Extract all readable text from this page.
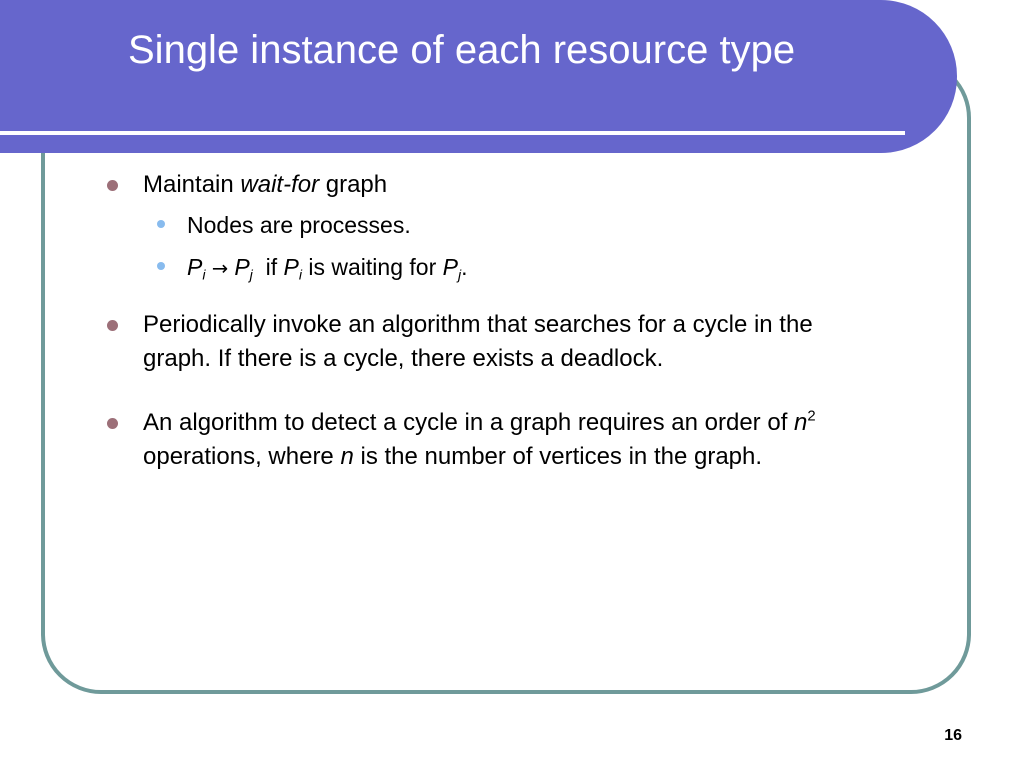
Single instance of each resource type
Maintain wait-for graph
Nodes are processes.
$P_i \to P_j$  if $P_i$ is waiting for $P_j$.
Periodically invoke an algorithm that searches for a cycle in the graph. If there is a cycle, there exists a deadlock.
An algorithm to detect a cycle in a graph requires an order of $n^2$ operations, where n is the number of vertices in the graph.
16
